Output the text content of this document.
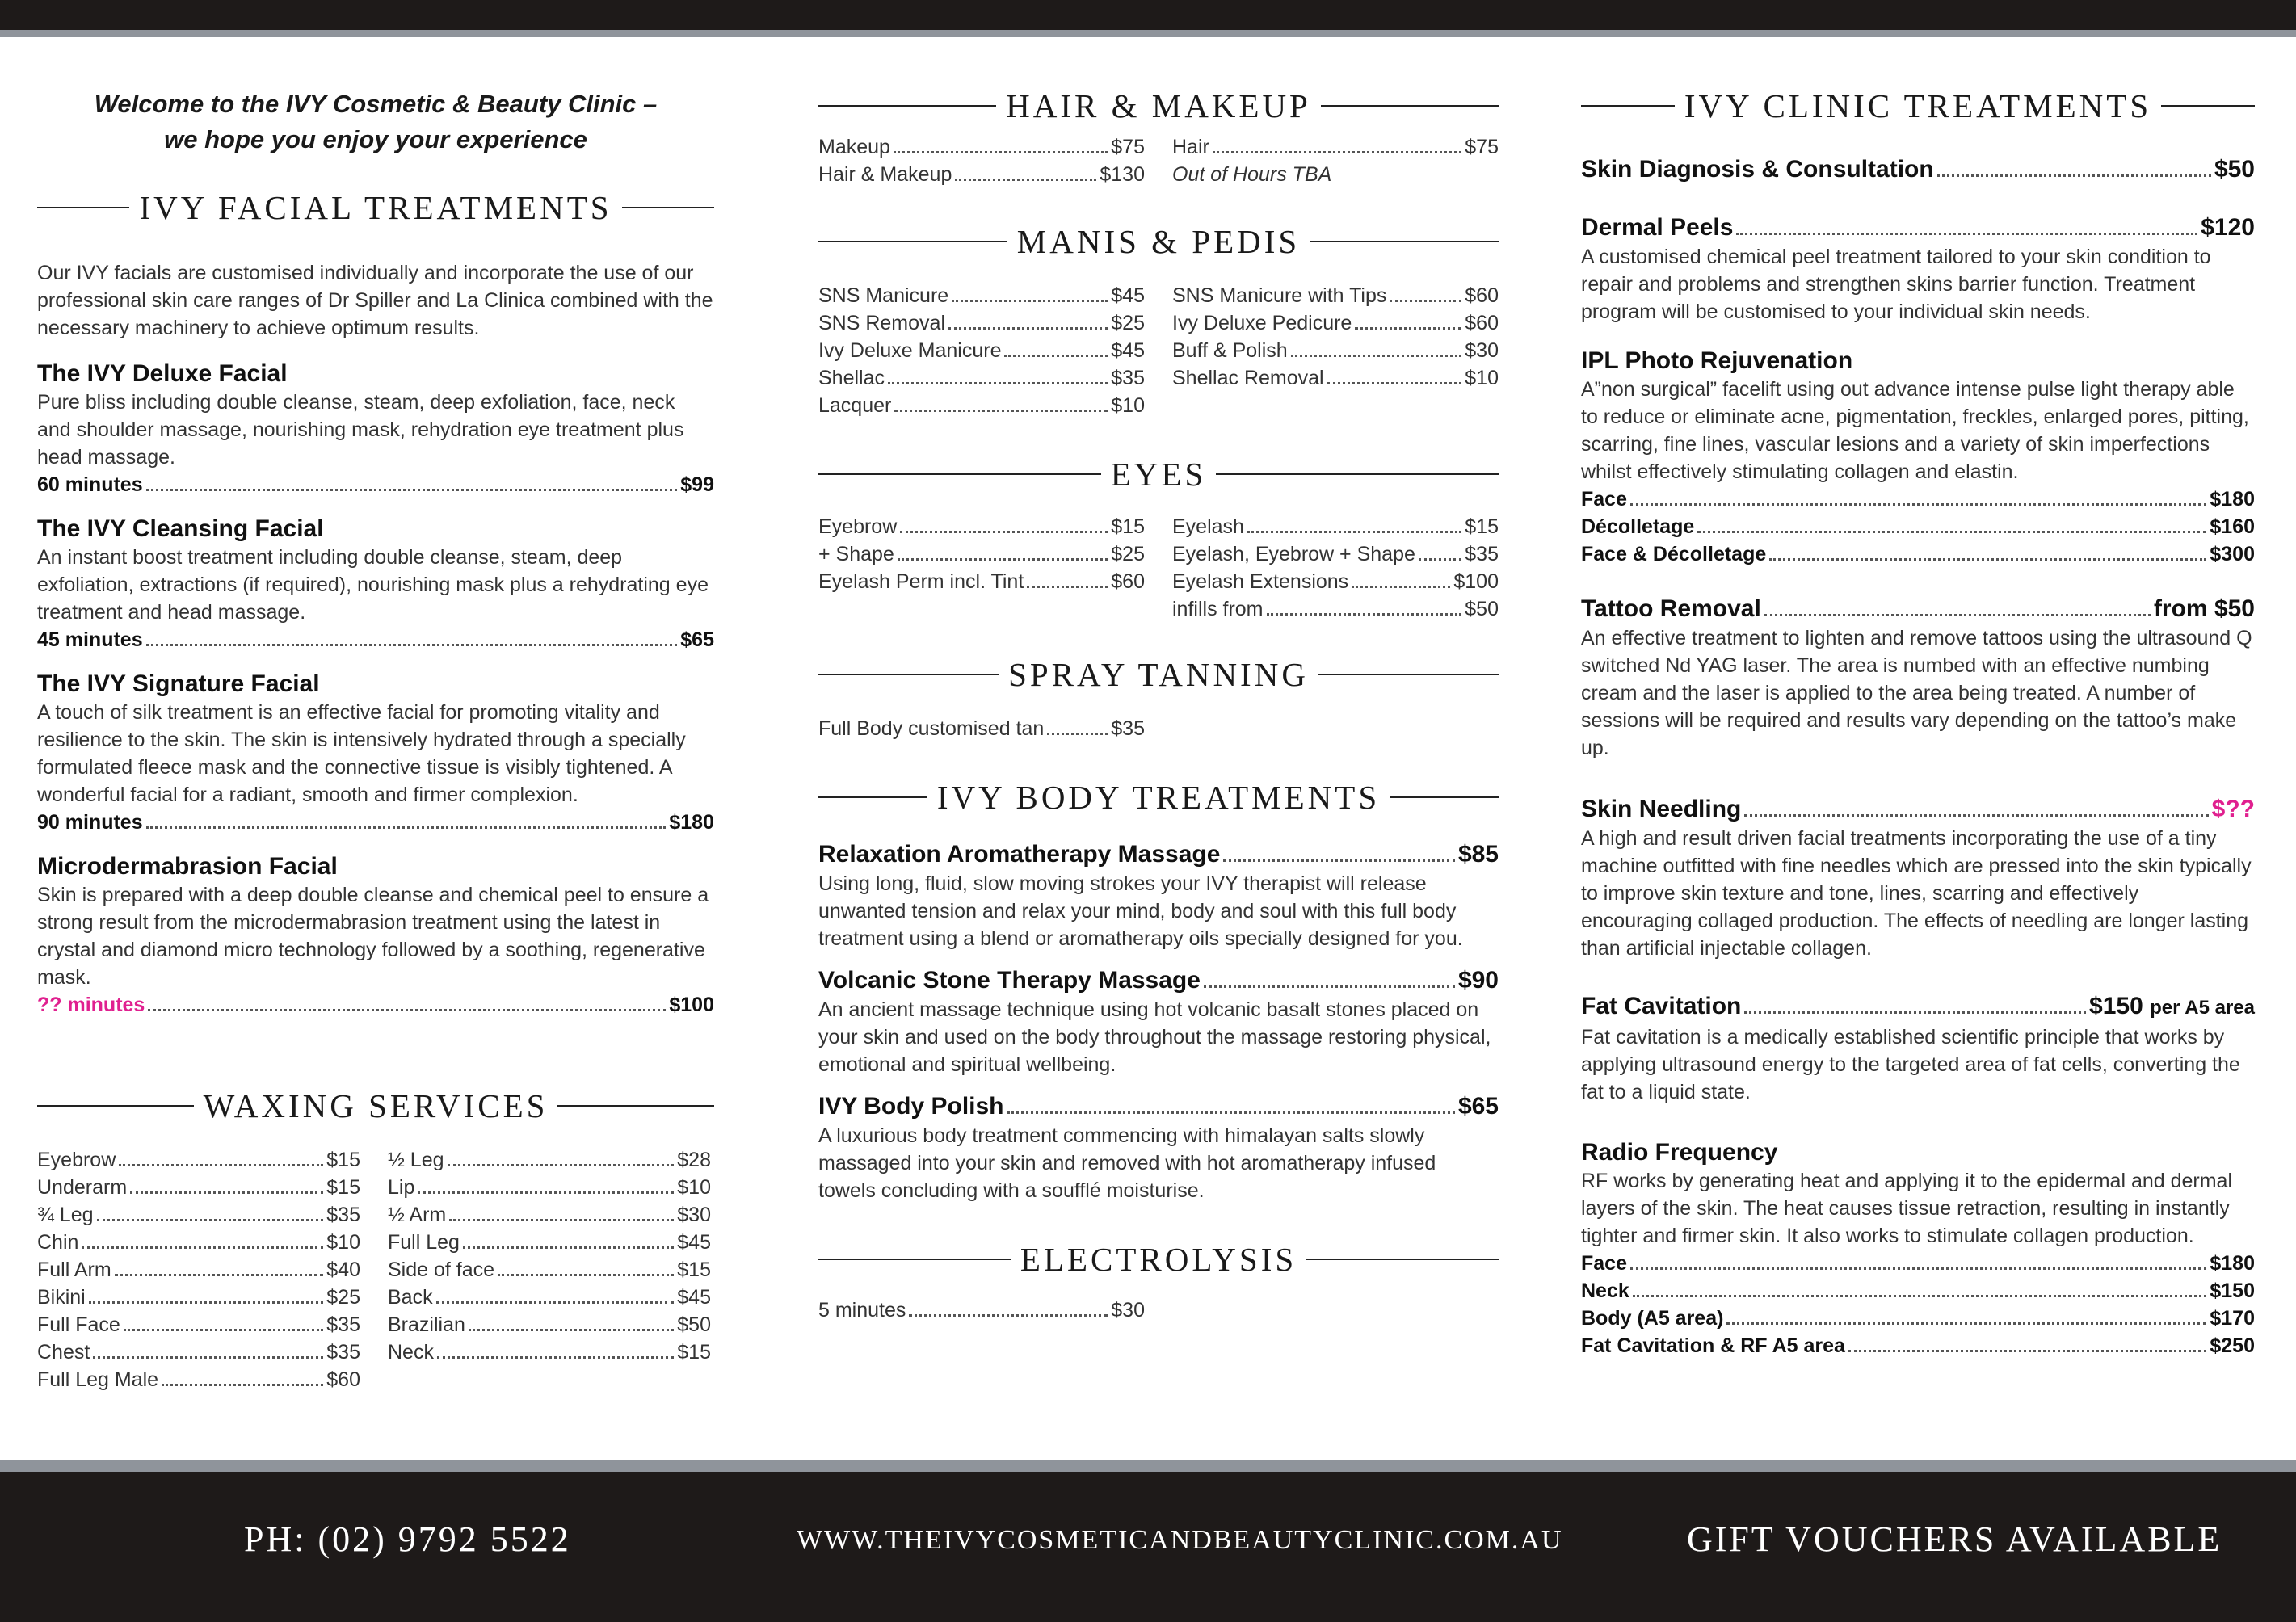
Welcome to the IVY Cosmetic & Beauty Clinic –
we hope you enjoy your experience
IVY FACIAL TREATMENTS
Our IVY facials are customised individually and incorporate the use of our professional skin care ranges of Dr Spiller and La Clinica combined with the necessary machinery to achieve optimum results.
The IVY Deluxe Facial
Pure bliss including double cleanse, steam, deep exfoliation, face, neck and shoulder massage, nourishing mask, rehydration eye treatment plus head massage.
60 minutes	$99
The IVY Cleansing Facial
An instant boost treatment including double cleanse, steam, deep exfoliation, extractions (if required), nourishing mask plus a rehydrating eye treatment and head massage.
45 minutes	$65
The IVY Signature Facial
A touch of silk treatment is an effective facial for promoting vitality and resilience to the skin. The skin is intensively hydrated through a specially formulated fleece mask and the connective tissue is visibly tightened. A wonderful facial for a radiant, smooth and firmer complexion.
90 minutes	$180
Microdermabrasion Facial
Skin is prepared with a deep double cleanse and chemical peel to ensure a strong result from the microdermabrasion treatment using the latest in crystal and diamond micro technology followed by a soothing, regenerative mask.
?? minutes	$100
WAXING SERVICES
Eyebrow	$15
Underarm	$15
¾ Leg	$35
Chin	$10
Full Arm	$40
Bikini	$25
Full Face	$35
Chest	$35
Full Leg Male	$60
½ Leg	$28
Lip	$10
½ Arm	$30
Full Leg	$45
Side of face	$15
Back	$45
Brazilian	$50
Neck	$15
HAIR & MAKEUP
Makeup	$75
Hair & Makeup	$130
Hair	$75
Out of Hours TBA
MANIS & PEDIS
SNS Manicure	$45
SNS Removal	$25
Ivy Deluxe Manicure	$45
Shellac	$35
Lacquer	$10
SNS Manicure with Tips	$60
Ivy Deluxe Pedicure	$60
Buff & Polish	$30
Shellac Removal	$10
EYES
Eyebrow	$15
+ Shape	$25
Eyelash Perm incl. Tint	$60
Eyelash	$15
Eyelash, Eyebrow + Shape $35
Eyelash Extensions	$100
infills from	$50
SPRAY TANNING
Full Body customised tan	$35
IVY BODY TREATMENTS
Relaxation Aromatherapy Massage	$85
Using long, fluid, slow moving strokes your IVY therapist will release unwanted tension and relax your mind, body and soul with this full body treatment using a blend or aromatherapy oils specially designed for you.
Volcanic Stone Therapy Massage	$90
An ancient massage technique using hot volcanic basalt stones placed on your skin and used on the body throughout the massage restoring physical, emotional and spiritual wellbeing.
IVY Body Polish	$65
A luxurious body treatment commencing with himalayan salts slowly massaged into your skin and removed with hot aromatherapy infused towels concluding with a soufflé moisturise.
ELECTROLYSIS
5 minutes	$30
IVY CLINIC TREATMENTS
Skin Diagnosis & Consultation	$50
Dermal Peels	$120
A customised chemical peel treatment tailored to your skin condition to repair and problems and strengthen skins barrier function. Treatment program will be customised to your individual skin needs.
IPL Photo Rejuvenation
A”non surgical” facelift using out advance intense pulse light therapy able to reduce or eliminate acne, pigmentation, freckles, enlarged pores, pitting, scarring, fine lines, vascular lesions and a variety of skin imperfections whilst effectively stimulating collagen and elastin.
Face	$180
Décolletage	$160
Face & Décolletage	$300
Tattoo Removal	from $50
An effective treatment to lighten and remove tattoos using the ultrasound Q switched Nd YAG laser. The area is numbed with an effective numbing cream and the laser is applied to the area being treated. A number of sessions will be required and results vary depending on the tattoo’s make up.
Skin Needling	$??
A high and result driven facial treatments incorporating the use of a tiny machine outfitted with fine needles which are pressed into the skin typically to improve skin texture and tone, lines, scarring and effectively encouraging collaged production. The effects of needling are longer lasting than artificial injectable collagen.
Fat Cavitation	$150
per A5 area
Fat cavitation is a medically established scientific principle that works by applying ultrasound energy to the targeted area of fat cells, converting the fat to a liquid state.
Radio Frequency
RF works by generating heat and applying it to the epidermal and dermal layers of the skin. The heat causes tissue retraction, resulting in instantly tighter and firmer skin. It also works to stimulate collagen production.
Face	$180
Neck	$150
Body (A5 area)	$170
Fat Cavitation & RF A5 area	$250
PH: (02) 9792 5522	WWW.THEIVYCOSMETICANDBEAUTYCLINIC.COM.AU	GIFT VOUCHERS AVAILABLE
